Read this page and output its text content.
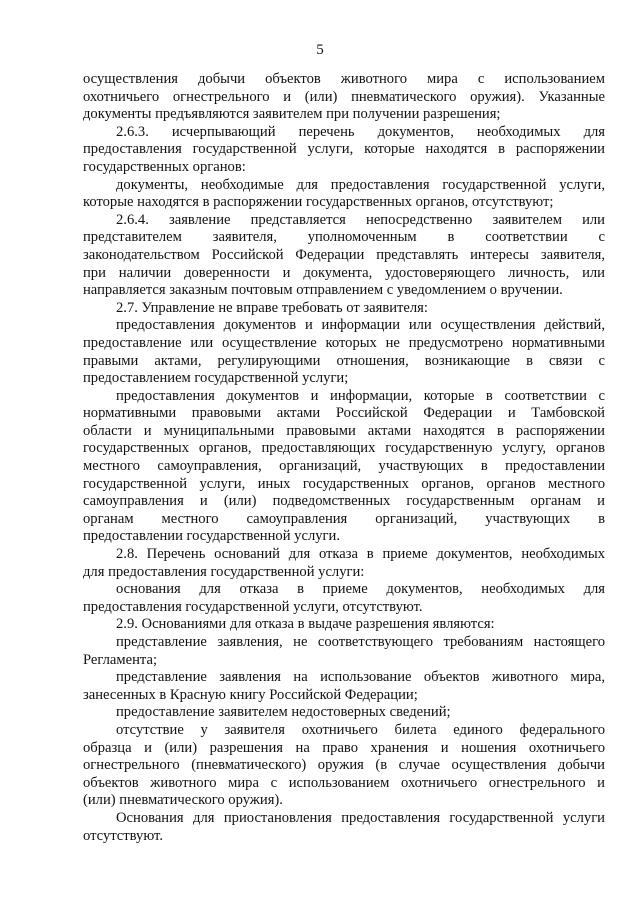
5
осуществления добычи объектов животного мира с использованием
охотничьего огнестрельного и (или) пневматического оружия). Указанные
документы предъявляются заявителем при получении разрешения;
2.6.3. исчерпывающий перечень документов, необходимых для
предоставления государственной услуги, которые находятся в распоряжении
государственных органов:
документы, необходимые для предоставления государственной услуги,
которые находятся в распоряжении государственных органов, отсутствуют;
2.6.4. заявление представляется непосредственно заявителем или
представителем заявителя, уполномоченным в соответствии с
законодательством Российской Федерации представлять интересы заявителя,
при наличии доверенности и документа, удостоверяющего личность, или
направляется заказным почтовым отправлением с уведомлением о вручении.
2.7. Управление не вправе требовать от заявителя:
предоставления документов и информации или осуществления действий,
предоставление или осуществление которых не предусмотрено нормативными
правыми актами, регулирующими отношения, возникающие в связи с
предоставлением государственной услуги;
предоставления документов и информации, которые в соответствии с
нормативными правовыми актами Российской Федерации и Тамбовской
области и муниципальными правовыми актами находятся в распоряжении
государственных органов, предоставляющих государственную услугу, органов
местного самоуправления, организаций, участвующих в предоставлении
государственной услуги, иных государственных органов, органов местного
самоуправления и (или) подведомственных государственным органам и
органам местного самоуправления организаций, участвующих в
предоставлении государственной услуги.
2.8. Перечень оснований для отказа в приеме документов, необходимых
для предоставления государственной услуги:
основания для отказа в приеме документов, необходимых для
предоставления государственной услуги, отсутствуют.
2.9. Основаниями для отказа в выдаче разрешения являются:
представление заявления, не соответствующего требованиям настоящего
Регламента;
представление заявления на использование объектов животного мира,
занесенных в Красную книгу Российской Федерации;
предоставление заявителем недостоверных сведений;
отсутствие у заявителя охотничьего билета единого федерального
образца и (или) разрешения на право хранения и ношения охотничьего
огнестрельного (пневматического) оружия (в случае осуществления добычи
объектов животного мира с использованием охотничьего огнестрельного и
(или) пневматического оружия).
Основания для приостановления предоставления государственной услуги
отсутствуют.
